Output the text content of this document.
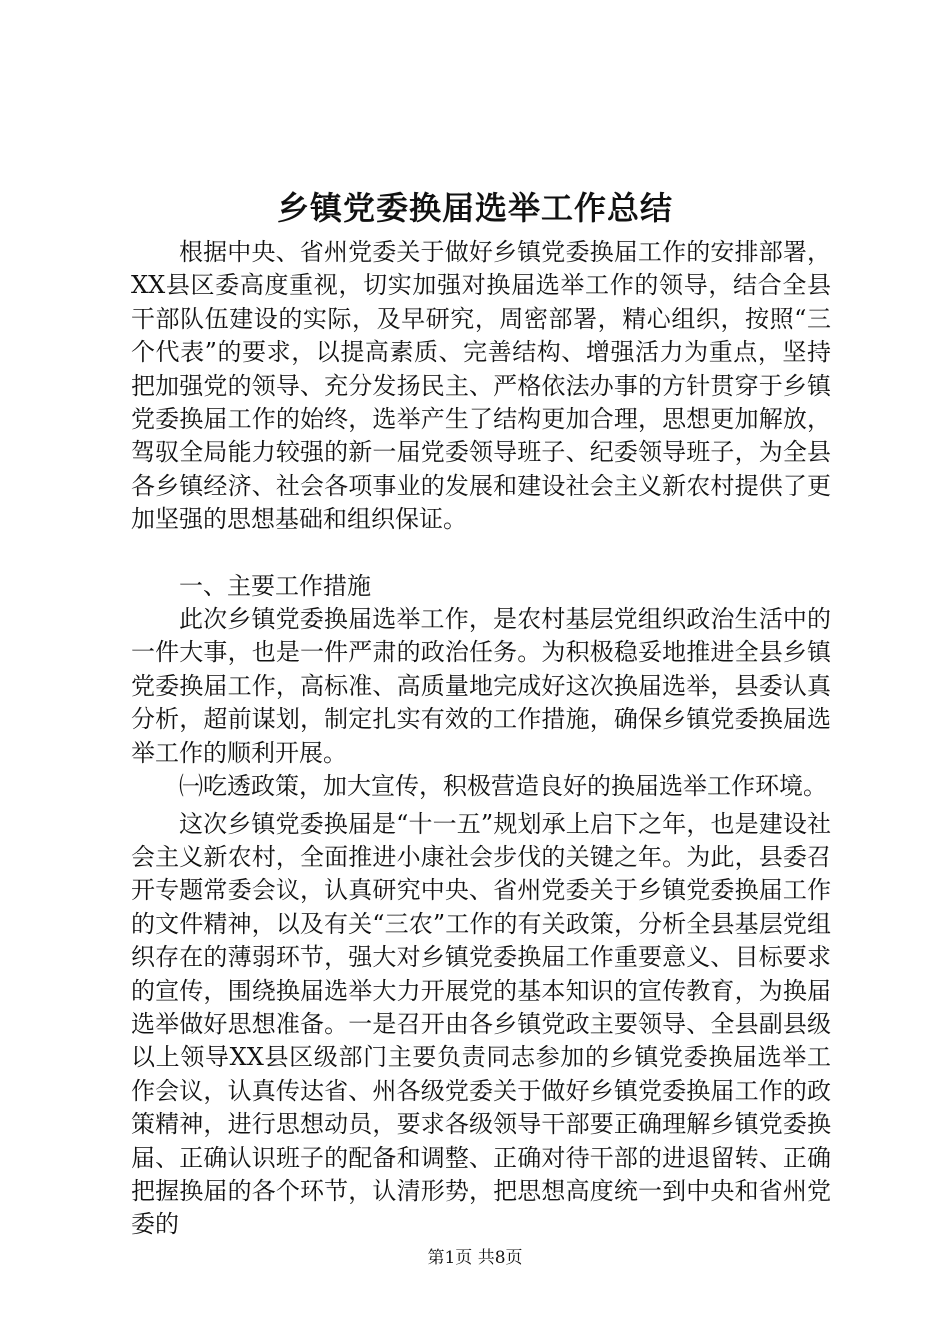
乡镇党委换届选举工作总结

根据中央、省州党委关于做好乡镇党委换届工作的安排部署，XX县区委高度重视，切实加强对换届选举工作的领导，结合全县干部队伍建设的实际，及早研究，周密部署，精心组织，按照“三个代表”的要求，以提高素质、完善结构、增强活力为重点，坚持把加强党的领导、充分发扬民主、严格依法办事的方针贯穿于乡镇党委换届工作的始终，选举产生了结构更加合理，思想更加解放，驾驭全局能力较强的新一届党委领导班子、纪委领导班子，为全县各乡镇经济、社会各项事业的发展和建设社会主义新农村提供了更加坚强的思想基础和组织保证。

一、主要工作措施

此次乡镇党委换届选举工作，是农村基层党组织政治生活中的一件大事，也是一件严肃的政治任务。为积极稳妥地推进全县乡镇党委换届工作，高标准、高质量地完成好这次换届选举，县委认真分析，超前谋划，制定扎实有效的工作措施，确保乡镇党委换届选举工作的顺利开展。

㈠吃透政策，加大宣传，积极营造良好的换届选举工作环境。

这次乡镇党委换届是“十一五”规划承上启下之年，也是建设社会主义新农村，全面推进小康社会步伐的关键之年。为此，县委召开专题常委会议，认真研究中央、省州党委关于乡镇党委换届工作的文件精神，以及有关“三农”工作的有关政策，分析全县基层党组织存在的薄弱环节，强大对乡镇党委换届工作重要意义、目标要求的宣传，围绕换届选举大力开展党的基本知识的宣传教育，为换届选举做好思想准备。一是召开由各乡镇党政主要领导、全县副县级以上领导XX县区级部门主要负责同志参加的乡镇党委换届选举工作会议，认真传达省、州各级党委关于做好乡镇党委换届工作的政策精神，进行思想动员，要求各级领导干部要正确理解乡镇党委换届、正确认识班子的配备和调整、正确对待干部的进退留转、正确把握换届的各个环节，认清形势，把思想高度统一到中央和省州党委的

第1页 共8页
